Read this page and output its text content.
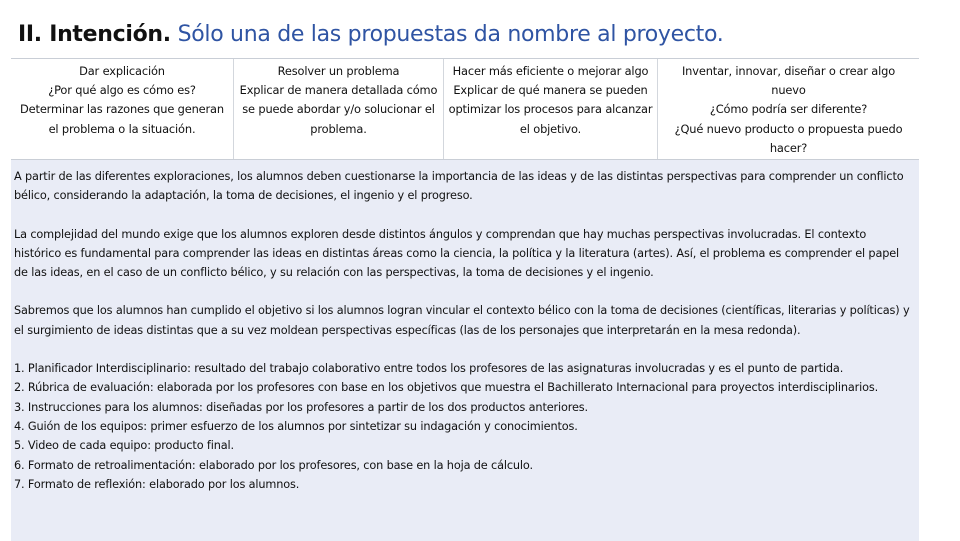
II. Intención. Sólo una de las propuestas da nombre al proyecto.
Dar explicación
¿Por qué algo es cómo es?
Determinar las razones que generan
el problema o la situación.
Resolver un problema
Explicar de manera detallada cómo
se puede abordar y/o solucionar el
problema.
Hacer más eficiente o mejorar algo
Explicar de qué manera se pueden
optimizar los procesos para alcanzar
el objetivo.
Inventar, innovar, diseñar o crear algo
nuevo
¿Cómo podría ser diferente?
¿Qué nuevo producto o propuesta puedo
hacer?

A partir de las diferentes exploraciones, los alumnos deben cuestionarse la importancia de las ideas y de las distintas perspectivas para comprender un conflicto bélico, considerando la adaptación, la toma de decisiones, el ingenio y el progreso.

La complejidad del mundo exige que los alumnos exploren desde distintos ángulos y comprendan que hay muchas perspectivas involucradas. El contexto histórico es fundamental para comprender las ideas en distintas áreas como la ciencia, la política y la literatura (artes). Así, el problema es comprender el papel de las ideas, en el caso de un conflicto bélico, y su relación con las perspectivas, la toma de decisiones y el ingenio.

Sabremos que los alumnos han cumplido el objetivo si los alumnos logran vincular el contexto bélico con la toma de decisiones (científicas, literarias y políticas) y el surgimiento de ideas distintas que a su vez moldean perspectivas específicas (las de los personajes que interpretarán en la mesa redonda).

1. Planificador Interdisciplinario: resultado del trabajo colaborativo entre todos los profesores de las asignaturas involucradas y es el punto de partida.
2. Rúbrica de evaluación: elaborada por los profesores con base en los objetivos que muestra el Bachillerato Internacional para proyectos interdisciplinarios.
3. Instrucciones para los alumnos: diseñadas por los profesores a partir de los dos productos anteriores.
4. Guión de los equipos: primer esfuerzo de los alumnos por sintetizar su indagación y conocimientos.
5. Video de cada equipo: producto final.
6. Formato de retroalimentación: elaborado por los profesores, con base en la hoja de cálculo.
7. Formato de reflexión: elaborado por los alumnos.
